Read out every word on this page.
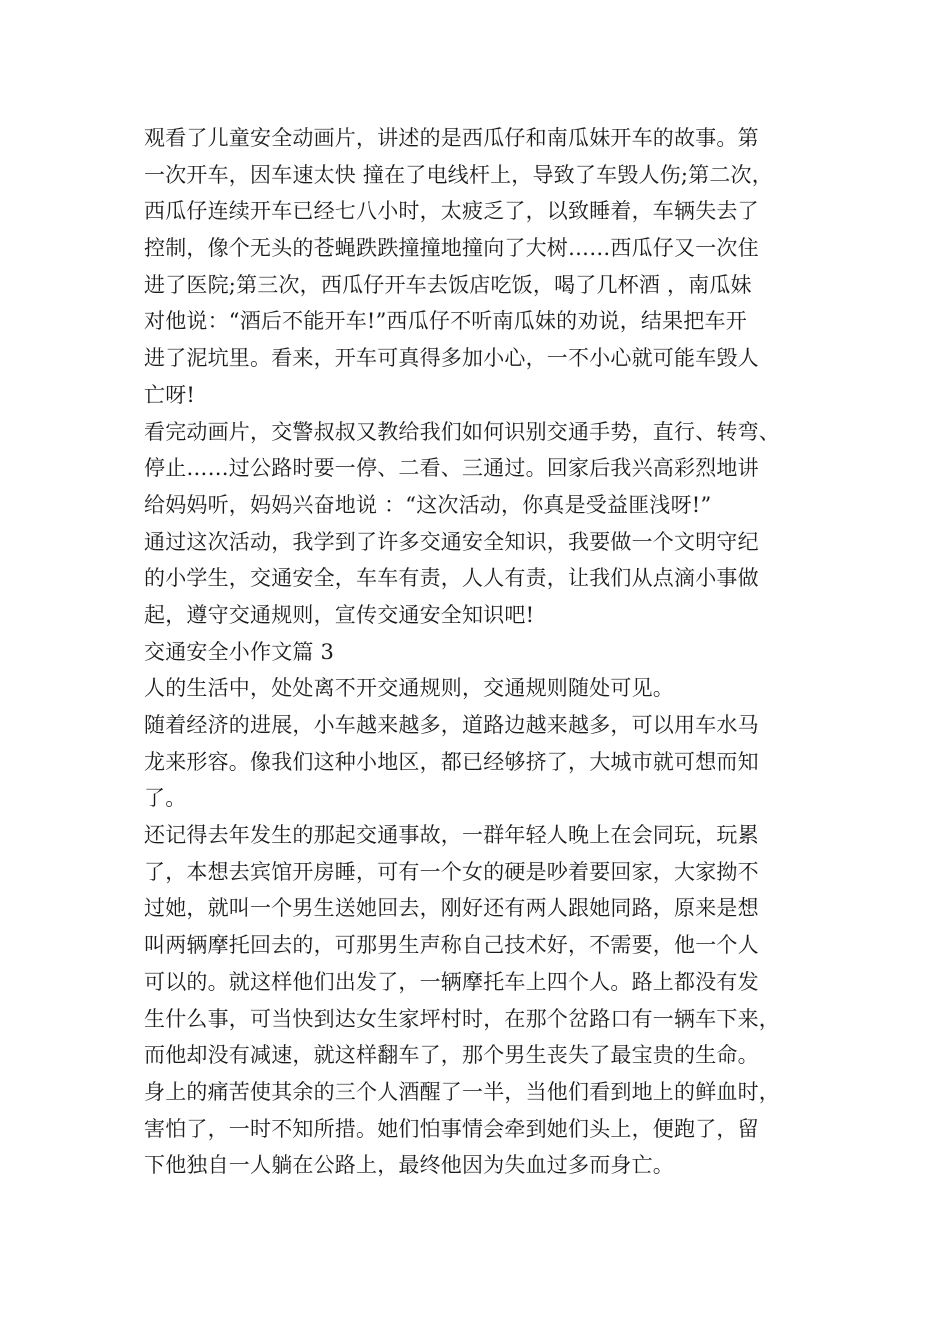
观看了儿童安全动画片，讲述的是西瓜仔和南瓜妹开车的故事。第
一次开车，因车速太快 撞在了电线杆上，导致了车毁人伤;第二次，
西瓜仔连续开车已经七八小时，太疲乏了，以致睡着，车辆失去了
控制，像个无头的苍蝇跌跌撞撞地撞向了大树……西瓜仔又一次住
进了医院;第三次，西瓜仔开车去饭店吃饭，喝了几杯酒 ，南瓜妹
对他说：“酒后不能开车!”西瓜仔不听南瓜妹的劝说，结果把车开
进了泥坑里。看来，开车可真得多加小心，一不小心就可能车毁人
亡呀!
看完动画片，交警叔叔又教给我们如何识别交通手势，直行、转弯、
停止……过公路时要一停、二看、三通过。回家后我兴高彩烈地讲
给妈妈听，妈妈兴奋地说 ：“这次活动，你真是受益匪浅呀!”
通过这次活动，我学到了许多交通安全知识，我要做一个文明守纪
的小学生，交通安全，车车有责，人人有责，让我们从点滴小事做
起，遵守交通规则，宣传交通安全知识吧!
交通安全小作文篇 3
人的生活中，处处离不开交通规则，交通规则随处可见。
随着经济的进展，小车越来越多，道路边越来越多，可以用车水马
龙来形容。像我们这种小地区，都已经够挤了，大城市就可想而知
了。
还记得去年发生的那起交通事故，一群年轻人晚上在会同玩，玩累
了，本想去宾馆开房睡，可有一个女的硬是吵着要回家，大家拗不
过她，就叫一个男生送她回去，刚好还有两人跟她同路，原来是想
叫两辆摩托回去的，可那男生声称自己技术好，不需要，他一个人
可以的。就这样他们出发了，一辆摩托车上四个人。路上都没有发
生什么事，可当快到达女生家坪村时，在那个岔路口有一辆车下来，
而他却没有减速，就这样翻车了，那个男生丧失了最宝贵的生命。
身上的痛苦使其余的三个人酒醒了一半，当他们看到地上的鲜血时，
害怕了，一时不知所措。她们怕事情会牵到她们头上，便跑了，留
下他独自一人躺在公路上，最终他因为失血过多而身亡。
